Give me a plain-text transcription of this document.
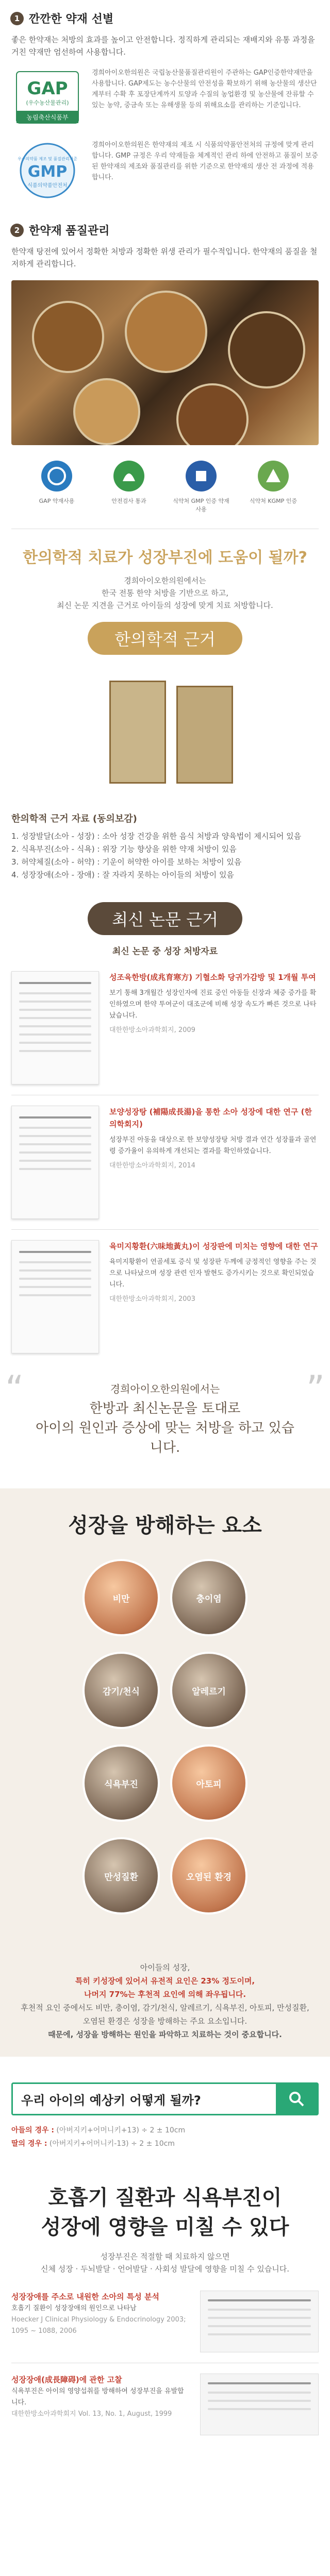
1 깐깐한 약재 선별
좋은 한약재는 처방의 효과를 높이고 안전합니다. 정직하게 관리되는 재배지와 유통 과정을 거친 약재만 엄선하여 사용합니다.
GAP
(우수농산물관리)
농림축산식품부
경희아이오한의원은 국립농산물품질관리원이 주관하는 GAP인증한약재만을 사용합니다. GAP제도는 농수산물의 안전성을 확보하기 위해 농산물의 생산단계부터 수확 후 포장단계까지 토양과 수질의 농업환경 및 농산물에 잔류할 수 있는 농약, 중금속 또는 유해생물 등의 위해요소를 관리하는 기준입니다.
우수의약품 제조 및 품질관리기준
GMP
식품의약품안전처
경희아이오한의원은 한약재의 제조 시 식품의약품안전처의 규정에 맞게 관리합니다. GMP 규정은 우리 약재들을 체계적인 관리 하에 안전하고 품질이 보증된 한약재의 제조와 품질관리를 위한 기준으로 한약재의 생산 전 과정에 적용합니다.
2 한약재 품질관리
한약재 탕전에 있어서 정확한 처방과 정확한 위생 관리가 필수적입니다. 한약재의 품질을 철저하게 관리합니다.
GAP 약재사용	안전검사 통과	식약처 GMP 인증 약재 사용
식약처 KGMP 인증
한의학적 치료가 성장부진에 도움이 될까?
경희아이오한의원에서는
한국 전통 한약 처방을 기반으로 하고,
최신 논문 지견을 근거로 아이들의 성장에 맞게 치료 처방합니다.
한의학적 근거
한의학적 근거 자료 (동의보감)
1. 성장발달(소아 - 성장) : 소아 성장 건강을 위한 음식 처방과 양육법이 제시되어 있음
2. 식욕부진(소아 - 식욕) : 위장 기능 향상을 위한 약재 처방이 있음
3. 허약체질(소아 - 허약) : 기운이 허약한 아이를 보하는 처방이 있음
4. 성장장애(소아 - 장애) : 잘 자라지 못하는 아이들의 처방이 있음
최신 논문 근거
최신 논문 중 성장 처방자료
성조육한방(成兆育寒方) 기혈소화 당귀가감방 및 1개월 투여
보기 통해 3개월간 성장인자에 진료 중인 아동들 신장과 체중 증가를 확인하였으며 한약 투여군이 대조군에 비해 성장 속도가 빠른 것으로 나타났습니다.
대한한방소아과학회지, 2009
보양성장탕 (補陽成長湯)을 통한 소아 성장에 대한 연구 (한의학회지)
성장부진 아동을 대상으로 한 보양성장탕 처방 결과 연간 성장률과 골연령 증가율이 유의하게 개선되는 결과를 확인하였습니다.
대한한방소아과학회지, 2014
육미지황환(六味地黃丸)이 성장판에 미치는 영향에 대한 연구
육미지황환이 연골세포 증식 및 성장판 두께에 긍정적인 영향을 주는 것으로 나타났으며 성장 관련 인자 발현도 증가시키는 것으로 확인되었습니다.
대한한방소아과학회지, 2003
“	”
경희아이오한의원에서는
한방과 최신논문을 토대로
아이의 원인과 증상에 맞는 처방을 하고 있습니다.
성장을 방해하는 요소
비만	충이염
감기/천식	알레르기
식욕부진	아토피
만성질환	오염된 환경
아이들의 성장,
특히 키성장에 있어서 유전적 요인은 23% 정도이며,
나머지 77%는 후천적 요인에 의해 좌우됩니다.
후천적 요인 중에서도 비만, 충이염, 감기/천식, 알레르기, 식욕부진, 아토피, 만성질환, 오염된 환경은 성장을 방해하는 주요 요소입니다.
때문에, 성장을 방해하는 원인을 파악하고 치료하는 것이 중요합니다.
우리 아이의 예상키 어떻게 될까?
아들의 경우 : (아버지키+어머니키+13) ÷ 2 ± 10cm
딸의 경우 : (아버지키+어머니키-13) ÷ 2 ± 10cm
호흡기 질환과 식욕부진이
성장에 영향을 미칠 수 있다
성장부진은 적절할 때 치료하지 않으면
신체 성장 · 두뇌발달 · 언어발달 · 사회성 발달에 영향을 미칠 수 있습니다.
성장장애를 주소로 내원한 소아의 특성 분석
호흡기 질환이 성장장애의 원인으로 나타남
Hoecker J Clinical Physiology & Endocrinology 2003; 1095 ~ 1088, 2006
성장장애(成長障碍)에 관한 고찰
식욕부진은 아이의 영양섭취를 방해하여 성장부진을 유발합니다.
대한한방소아과학회지 Vol. 13, No. 1, August, 1999
